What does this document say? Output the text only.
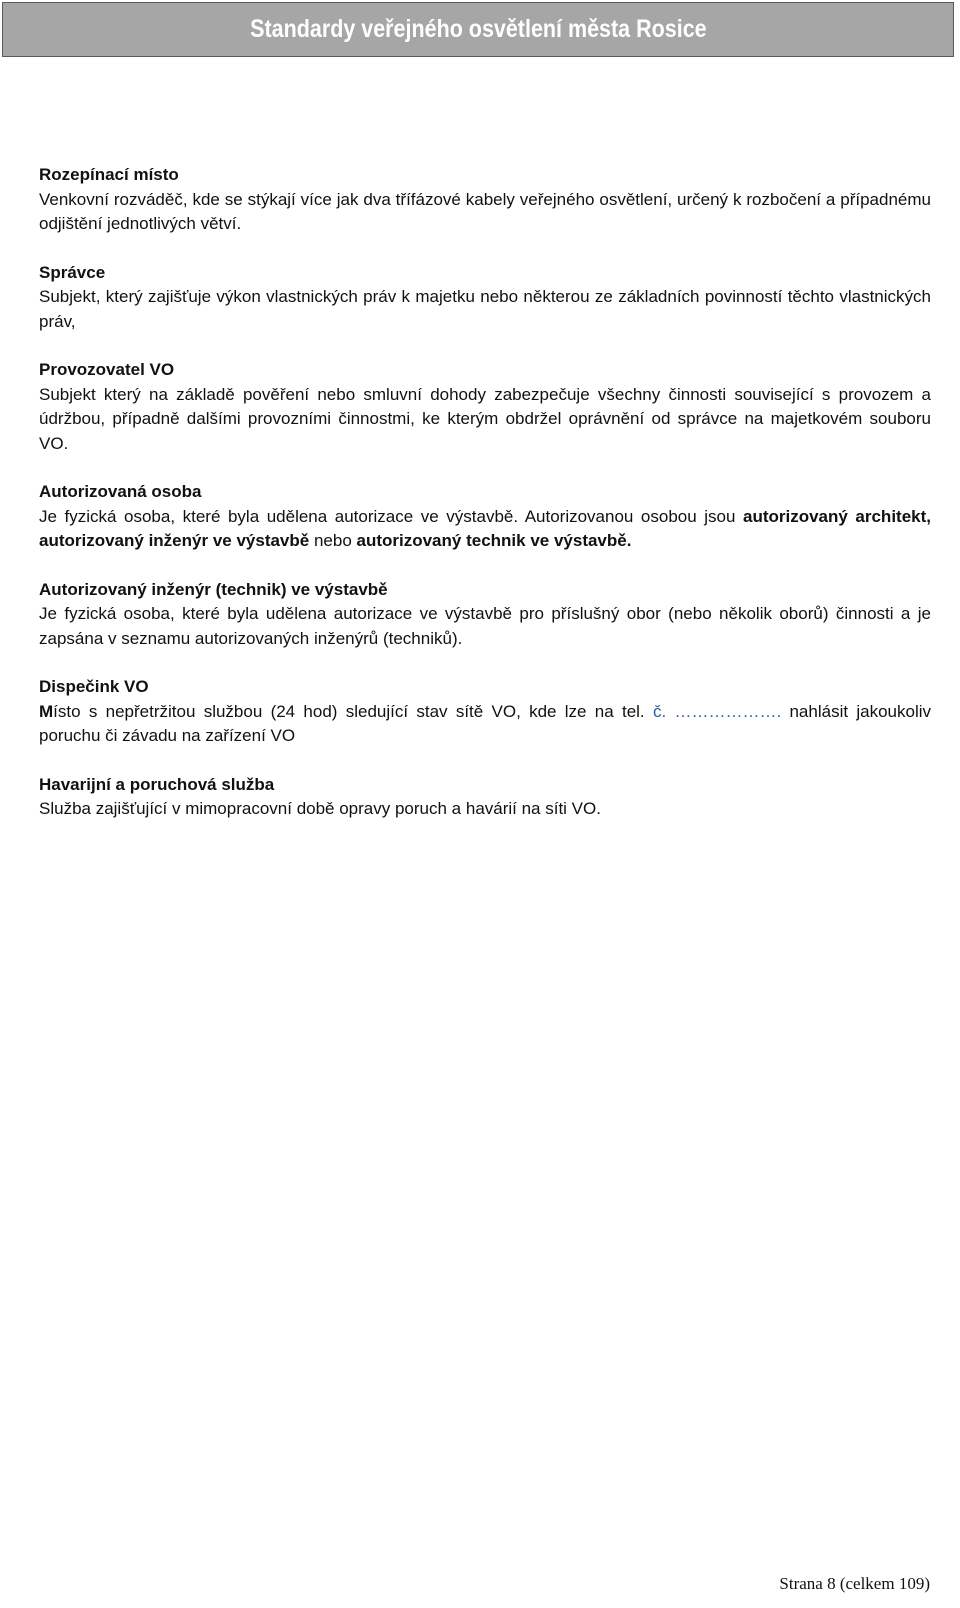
Standardy veřejného osvětlení města Rosice
Rozepínací místo
Venkovní rozváděč, kde se stýkají více jak dva třífázové kabely veřejného osvětlení, určený k rozbočení a případnému odjištění jednotlivých větví.
Správce
Subjekt, který zajišťuje výkon vlastnických práv k majetku nebo některou ze základních povinností těchto vlastnických práv,
Provozovatel VO
Subjekt který na základě pověření nebo smluvní dohody zabezpečuje všechny činnosti související s provozem a údržbou, případně dalšími provozními činnostmi, ke kterým obdržel oprávnění od správce na majetkovém souboru VO.
Autorizovaná osoba
Je fyzická osoba, které byla udělena autorizace ve výstavbě. Autorizovanou osobou jsou autorizovaný architekt, autorizovaný inženýr ve výstavbě nebo autorizovaný technik ve výstavbě.
Autorizovaný inženýr (technik) ve výstavbě
Je fyzická osoba, které byla udělena autorizace ve výstavbě pro příslušný obor (nebo několik oborů) činnosti a je zapsána v seznamu autorizovaných inženýrů (techniků).
Dispečink VO
Místo s nepřetržitou službou (24 hod) sledující stav sítě VO, kde lze na tel. č. ………………. nahlásit jakoukoliv poruchu či závadu na zařízení VO
Havarijní a poruchová služba
Služba zajišťující v mimopracovní době opravy poruch a havárií na síti VO.
Strana 8 (celkem 109)
